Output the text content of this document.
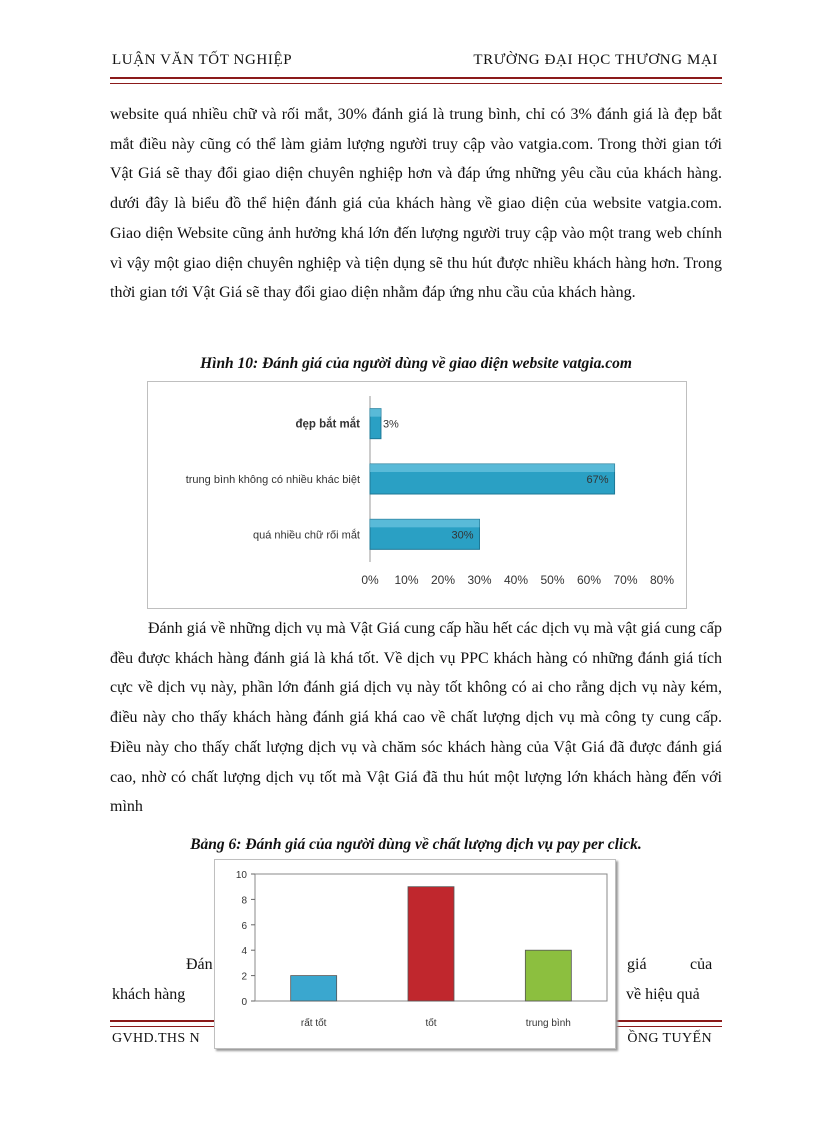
LUẬN VĂN TỐT NGHIỆP	TRƯỜNG ĐẠI HỌC THƯƠNG MẠI
website quá nhiều chữ và rối mắt, 30% đánh giá là trung bình, chỉ có 3% đánh giá là đẹp bắt mắt điều này cũng có thể làm giảm lượng người truy cập vào vatgia.com. Trong thời gian tới Vật Giá sẽ thay đổi giao diện chuyên nghiệp hơn và đáp ứng những yêu cầu của khách hàng. dưới đây là biểu đồ thể hiện đánh giá của khách hàng về giao diện của website vatgia.com. Giao diện Website cũng ảnh hưởng khá lớn đến lượng người truy cập vào một trang web chính vì vậy một giao diện chuyên nghiệp và tiện dụng sẽ thu hút được nhiều khách hàng hơn. Trong thời gian tới Vật Giá sẽ thay đổi giao diện nhằm đáp ứng nhu cầu của khách hàng.
Hình 10: Đánh giá của người dùng về giao diện website vatgia.com
đẹp bắt mắt 3%
trung bình không có nhiều khác biệt	67%
quá nhiều chữ rối mắt	30%
0% 10% 20% 30% 40% 50% 60% 70% 80%
Đánh giá về những dịch vụ mà Vật Giá cung cấp hầu hết các dịch vụ mà vật giá cung cấp đều được khách hàng đánh giá là khá tốt. Về dịch vụ PPC khách hàng có những đánh giá tích cực về dịch vụ này, phần lớn đánh giá dịch vụ này tốt không có ai cho rằng dịch vụ này kém, điều này cho thấy khách hàng đánh giá khá cao về chất lượng dịch vụ mà công ty cung cấp. Điều này cho thấy chất lượng dịch vụ và chăm sóc khách hàng của Vật Giá đã được đánh giá cao, nhờ có chất lượng dịch vụ tốt mà Vật Giá đã thu hút một lượng lớn khách hàng đến với mình
Bảng 6: Đánh giá của người dùng về chất lượng dịch vụ pay per click.
Đán	giá	của
khách hàng	về hiệu quả
GVHD.THS N	ỒNG TUYẾN
0
2
4
6
8
10
rất tốt	tốt	trung bình
